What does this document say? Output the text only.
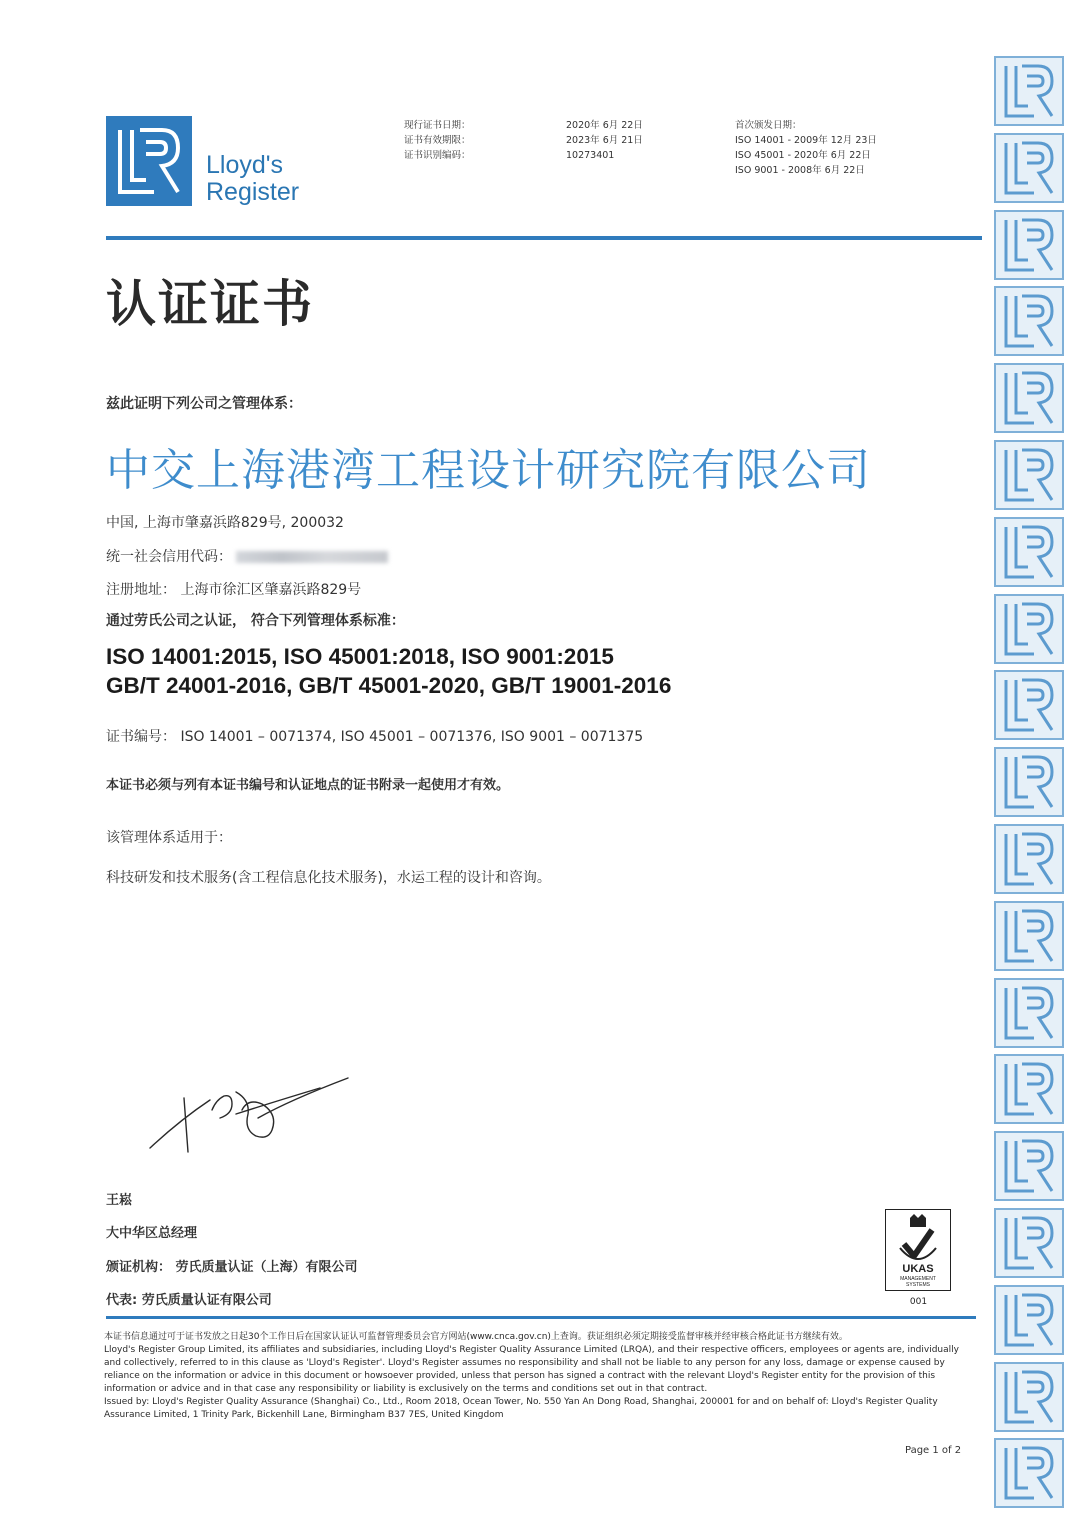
Lloyd's
Register
现行证书日期：
证书有效期限：
证书识别编码：
2020年 6月 22日
2023年 6月 21日
10273401
首次颁发日期：
ISO 14001 - 2009年 12月 23日
ISO 45001 - 2020年 6月 22日
ISO 9001 - 2008年 6月 22日
认证证书
兹此证明下列公司之管理体系：
中交上海港湾工程设计研究院有限公司
中国, 上海市肇嘉浜路829号, 200032
统一社会信用代码：
注册地址： 上海市徐汇区肇嘉浜路829号
通过劳氏公司之认证， 符合下列管理体系标准：
ISO 14001:2015, ISO 45001:2018, ISO 9001:2015
GB/T 24001-2016, GB/T 45001-2020, GB/T 19001-2016
证书编号： ISO 14001 – 0071374, ISO 45001 – 0071376, ISO 9001 – 0071375
本证书必须与列有本证书编号和认证地点的证书附录一起使用才有效。
该管理体系适用于：
科技研发和技术服务(含工程信息化技术服务)，水运工程的设计和咨询。
王崧
大中华区总经理
颁证机构： 劳氏质量认证（上海）有限公司
代表: 劳氏质量认证有限公司
UKAS
MANAGEMENT
SYSTEMS
001

本证书信息通过可于证书发放之日起30个工作日后在国家认证认可监督管理委员会官方网站(www.cnca.gov.cn)上查询。获证组织必须定期接受监督审核并经审核合格此证书方继续有效。

Lloyd's Register Group Limited, its affiliates and subsidiaries, including Lloyd's Register Quality Assurance Limited (LRQA), and their respective officers, employees or agents are, individually and collectively, referred to in this clause as 'Lloyd's Register'. Lloyd's Register assumes no responsibility and shall not be liable to any person for any loss, damage or expense caused by reliance on the information or advice in this document or howsoever provided, unless that person has signed a contract with the relevant Lloyd's Register entity for the provision of this information or advice and in that case any responsibility or liability is exclusively on the terms and conditions set out in that contract.

Issued by: Lloyd's Register Quality Assurance (Shanghai) Co., Ltd., Room 2018, Ocean Tower, No. 550 Yan An Dong Road, Shanghai, 200001 for and on behalf of: Lloyd's Register Quality Assurance Limited, 1 Trinity Park, Bickenhill Lane, Birmingham B37 7ES, United Kingdom

Page 1 of 2
